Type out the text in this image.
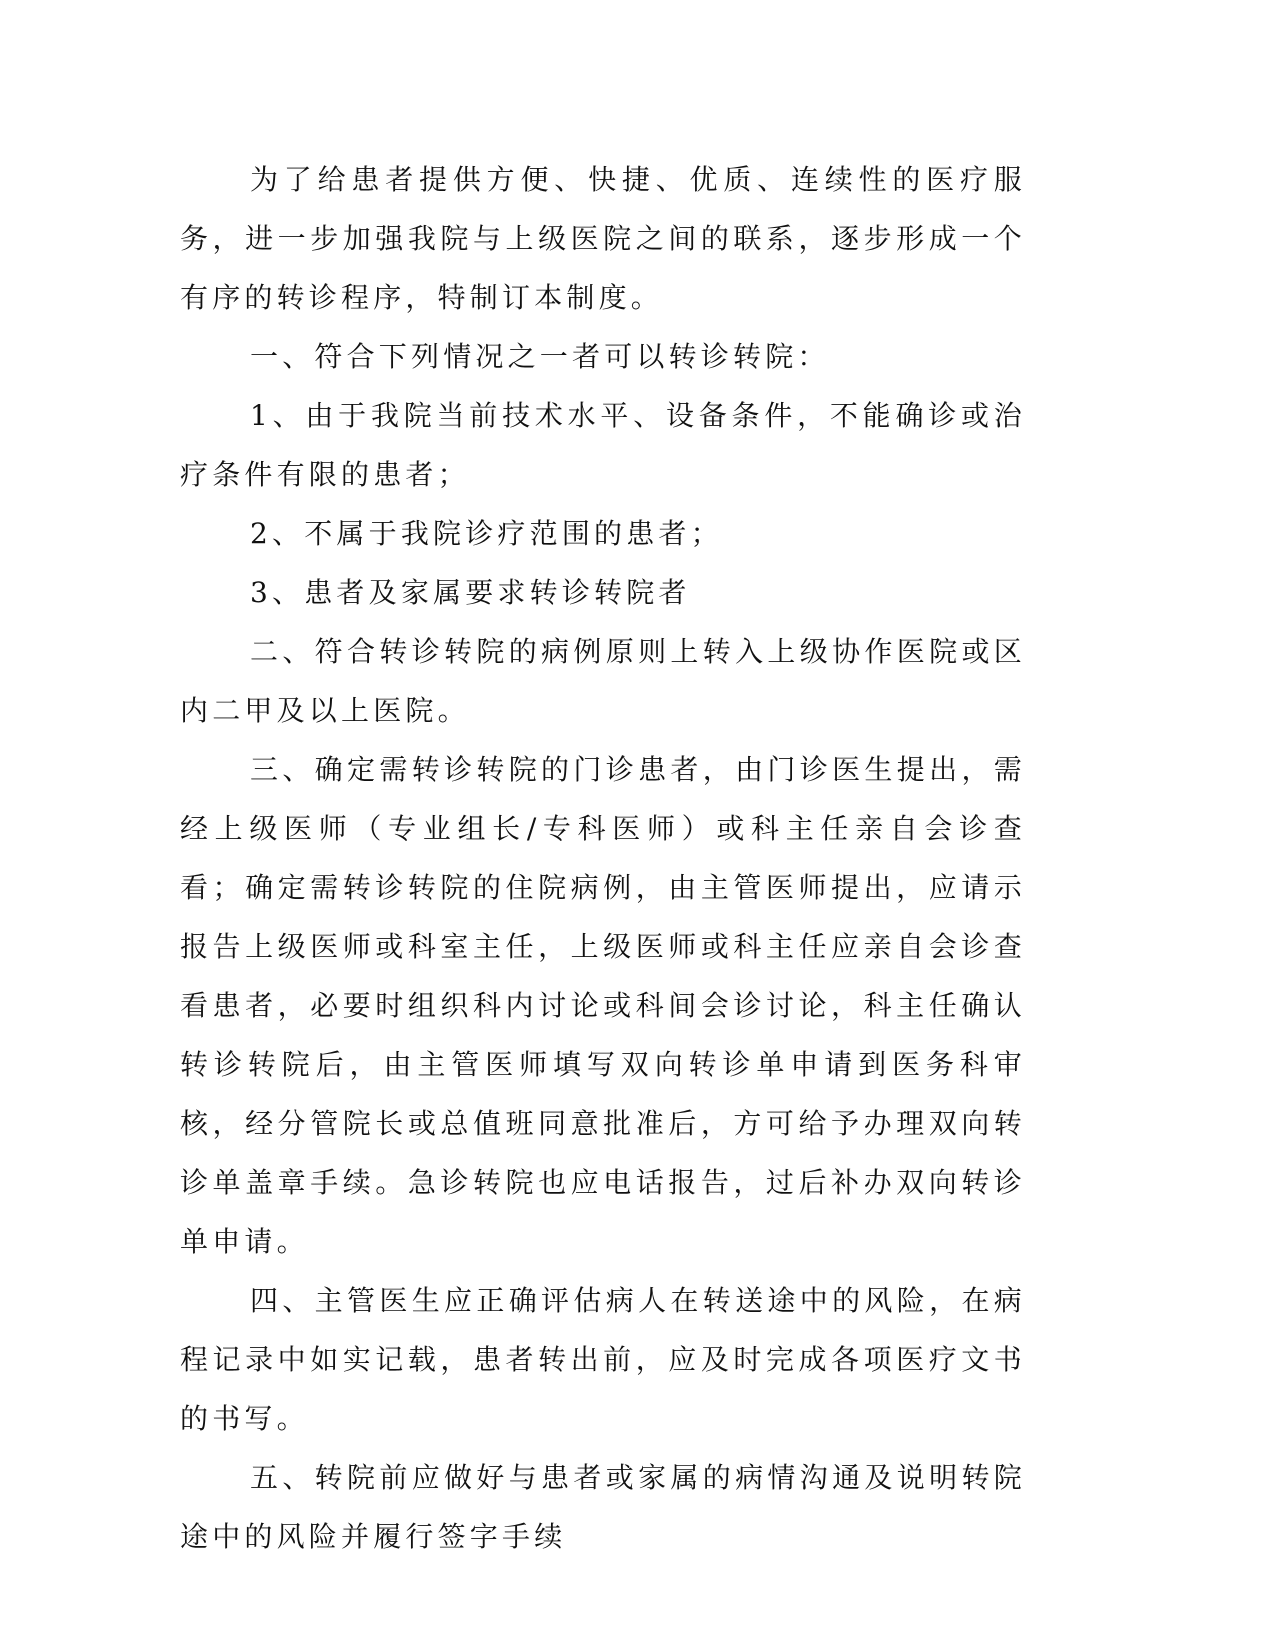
为了给患者提供方便、快捷、优质、连续性的医疗服务，进一步加强我院与上级医院之间的联系，逐步形成一个有序的转诊程序，特制订本制度。

一、符合下列情况之一者可以转诊转院：

1、由于我院当前技术水平、设备条件，不能确诊或治疗条件有限的患者；

2、不属于我院诊疗范围的患者；

3、患者及家属要求转诊转院者

二、符合转诊转院的病例原则上转入上级协作医院或区内二甲及以上医院。

三、确定需转诊转院的门诊患者，由门诊医生提出，需经上级医师（专业组长/专科医师）或科主任亲自会诊查看；确定需转诊转院的住院病例，由主管医师提出，应请示报告上级医师或科室主任，上级医师或科主任应亲自会诊查看患者，必要时组织科内讨论或科间会诊讨论，科主任确认转诊转院后，由主管医师填写双向转诊单申请到医务科审核，经分管院长或总值班同意批准后，方可给予办理双向转诊单盖章手续。急诊转院也应电话报告，过后补办双向转诊单申请。

四、主管医生应正确评估病人在转送途中的风险，在病程记录中如实记载，患者转出前，应及时完成各项医疗文书的书写。

五、转院前应做好与患者或家属的病情沟通及说明转院途中的风险并履行签字手续
